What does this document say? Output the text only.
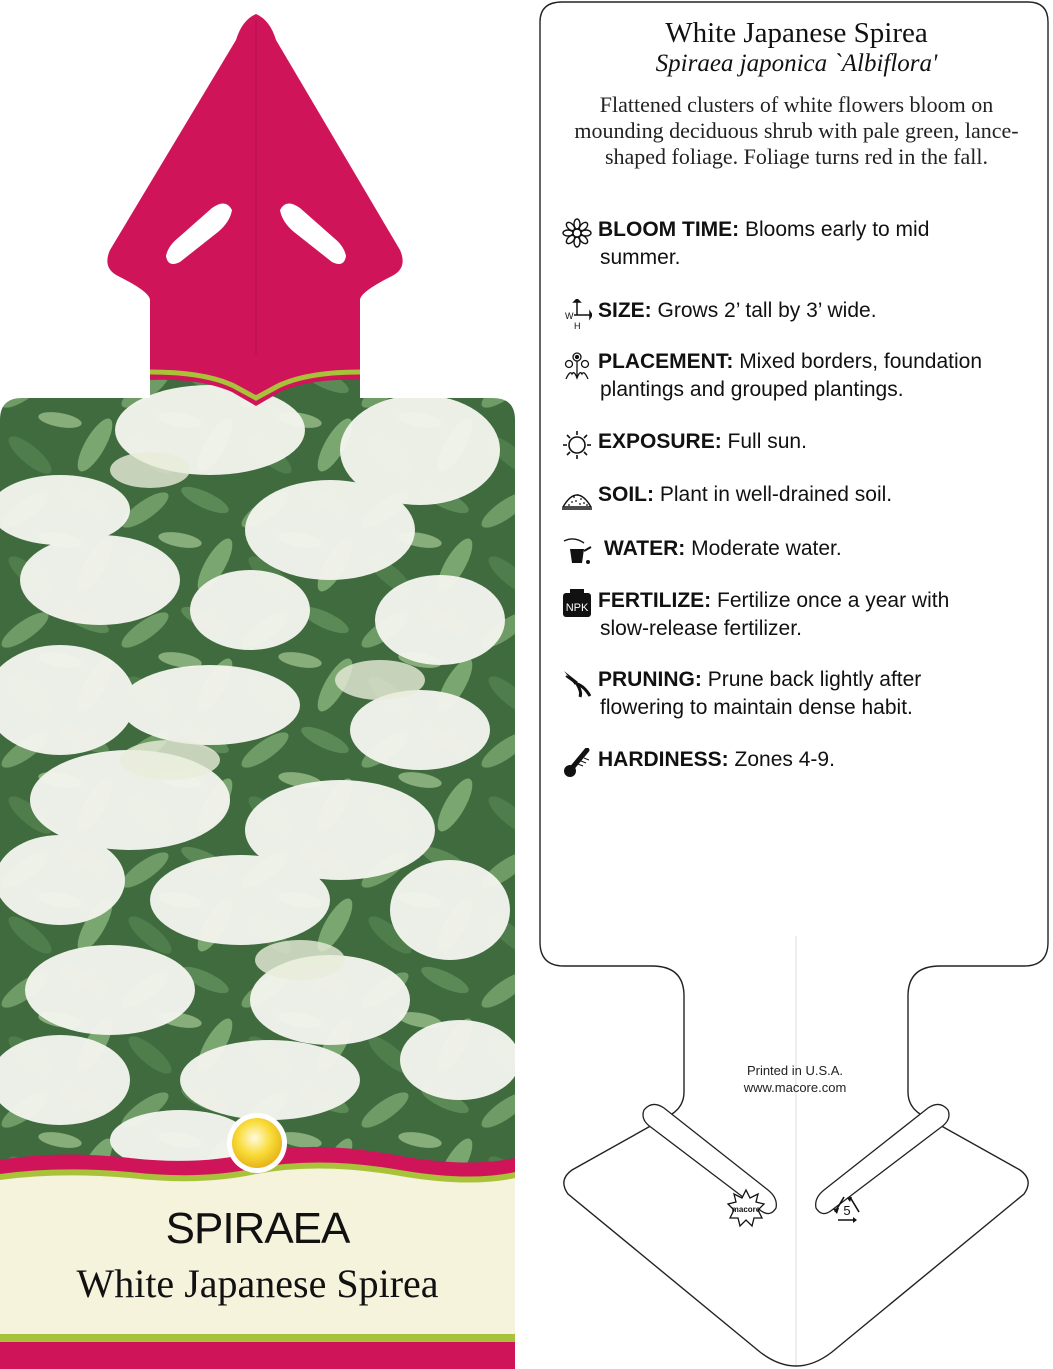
SPIRAEA
White Japanese Spirea
White Japanese Spirea
Spiraea japonica `Albiflora'
Flattened clusters of white flowers bloom on mounding deciduous shrub with pale green, lance-shaped foliage. Foliage turns red in the fall.
BLOOM TIME: Blooms early to mid
summer.
W
H
SIZE: Grows 2’ tall by 3’ wide.
PLACEMENT: Mixed borders, foundation
plantings and grouped plantings.
EXPOSURE: Full sun.
SOIL: Plant in well-drained soil.
WATER: Moderate water.
NPK FERTILIZE: Fertilize once a year with
slow-release fertilizer.
PRUNING: Prune back lightly after
flowering to maintain dense habit.
HARDINESS: Zones 4-9.
Printed in U.S.A.
www.macore.com
macore	5
